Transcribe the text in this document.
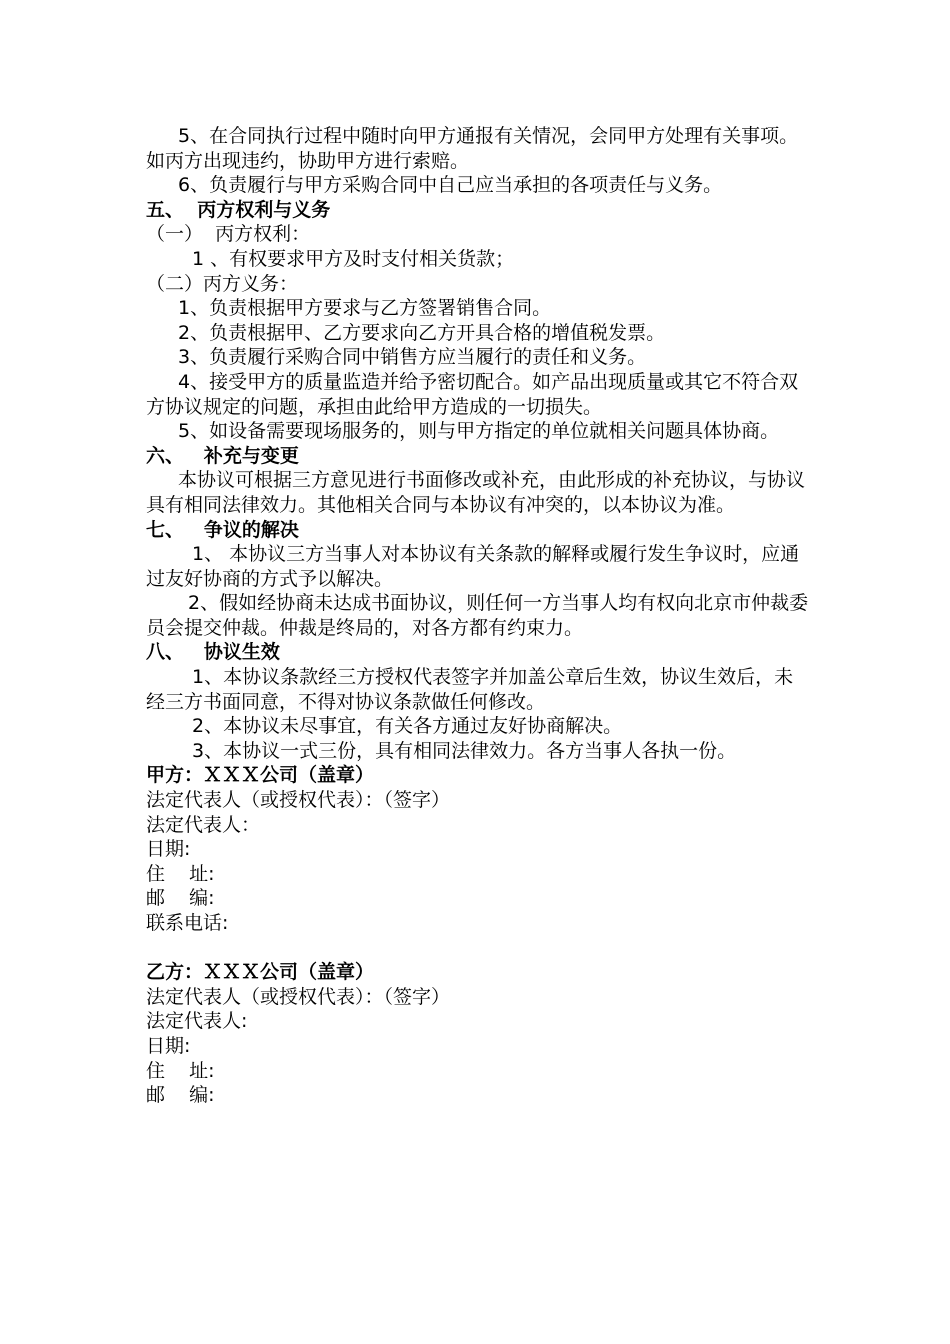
5、在合同执行过程中随时向甲方通报有关情况，会同甲方处理有关事项。如丙方出现违约，协助甲方进行索赔。

6、负责履行与甲方采购合同中自己应当承担的各项责任与义务。

五、  丙方权利与义务

（一）  丙方权利：

1 、有权要求甲方及时支付相关货款；

（二）丙方义务：

1、负责根据甲方要求与乙方签署销售合同。

2、负责根据甲、乙方要求向乙方开具合格的增值税发票。

3、负责履行采购合同中销售方应当履行的责任和义务。

4、接受甲方的质量监造并给予密切配合。如产品出现质量或其它不符合双方协议规定的问题，承担由此给甲方造成的一切损失。

5、如设备需要现场服务的，则与甲方指定的单位就相关问题具体协商。

六、   补充与变更

本协议可根据三方意见进行书面修改或补充，由此形成的补充协议，与协议具有相同法律效力。其他相关合同与本协议有冲突的，以本协议为准。

七、   争议的解决

1、 本协议三方当事人对本协议有关条款的解释或履行发生争议时，应通过友好协商的方式予以解决。

2、假如经协商未达成书面协议，则任何一方当事人均有权向北京市仲裁委员会提交仲裁。仲裁是终局的，对各方都有约束力。

八、   协议生效

1、本协议条款经三方授权代表签字并加盖公章后生效，协议生效后，未经三方书面同意，不得对协议条款做任何修改。

2、本协议未尽事宜，有关各方通过友好协商解决。

3、本协议一式三份，具有相同法律效力。各方当事人各执一份。

甲方：ＸＸＸ公司（盖章）

法定代表人（或授权代表）：（签字）

法定代表人：

日期:

住    址:

邮    编:

联系电话:

乙方：ＸＸＸ公司（盖章）

法定代表人（或授权代表）：（签字）

法定代表人:

日期:

住    址:

邮    编:
